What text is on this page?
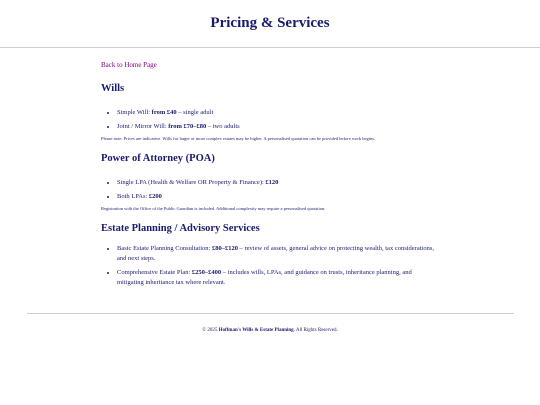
Pricing & Services
Back to Home Page
Wills
• Simple Will: from £40 – single adult
• Joint / Mirror Will: from £70–£80 – two adults
Please note: Prices are indicative. Wills for larger or more complex estates may be higher. A personalised quotation can be provided before work begins.
Power of Attorney (POA)
• Single LPA (Health & Welfare OR Property & Finance): £120
• Both LPAs: £200
Registration with the Office of the Public Guardian is included. Additional complexity may require a personalised quotation.
Estate Planning / Advisory Services
• Basic Estate Planning Consultation: £80–£120 – review of assets, general advice on protecting wealth, tax considerations, and next steps.
• Comprehensive Estate Plan: £250–£400 – includes wills, LPAs, and guidance on trusts, inheritance planning, and mitigating inheritance tax where relevant.
© 2025 Hoffman's Wills & Estate Planning. All Rights Reserved.
